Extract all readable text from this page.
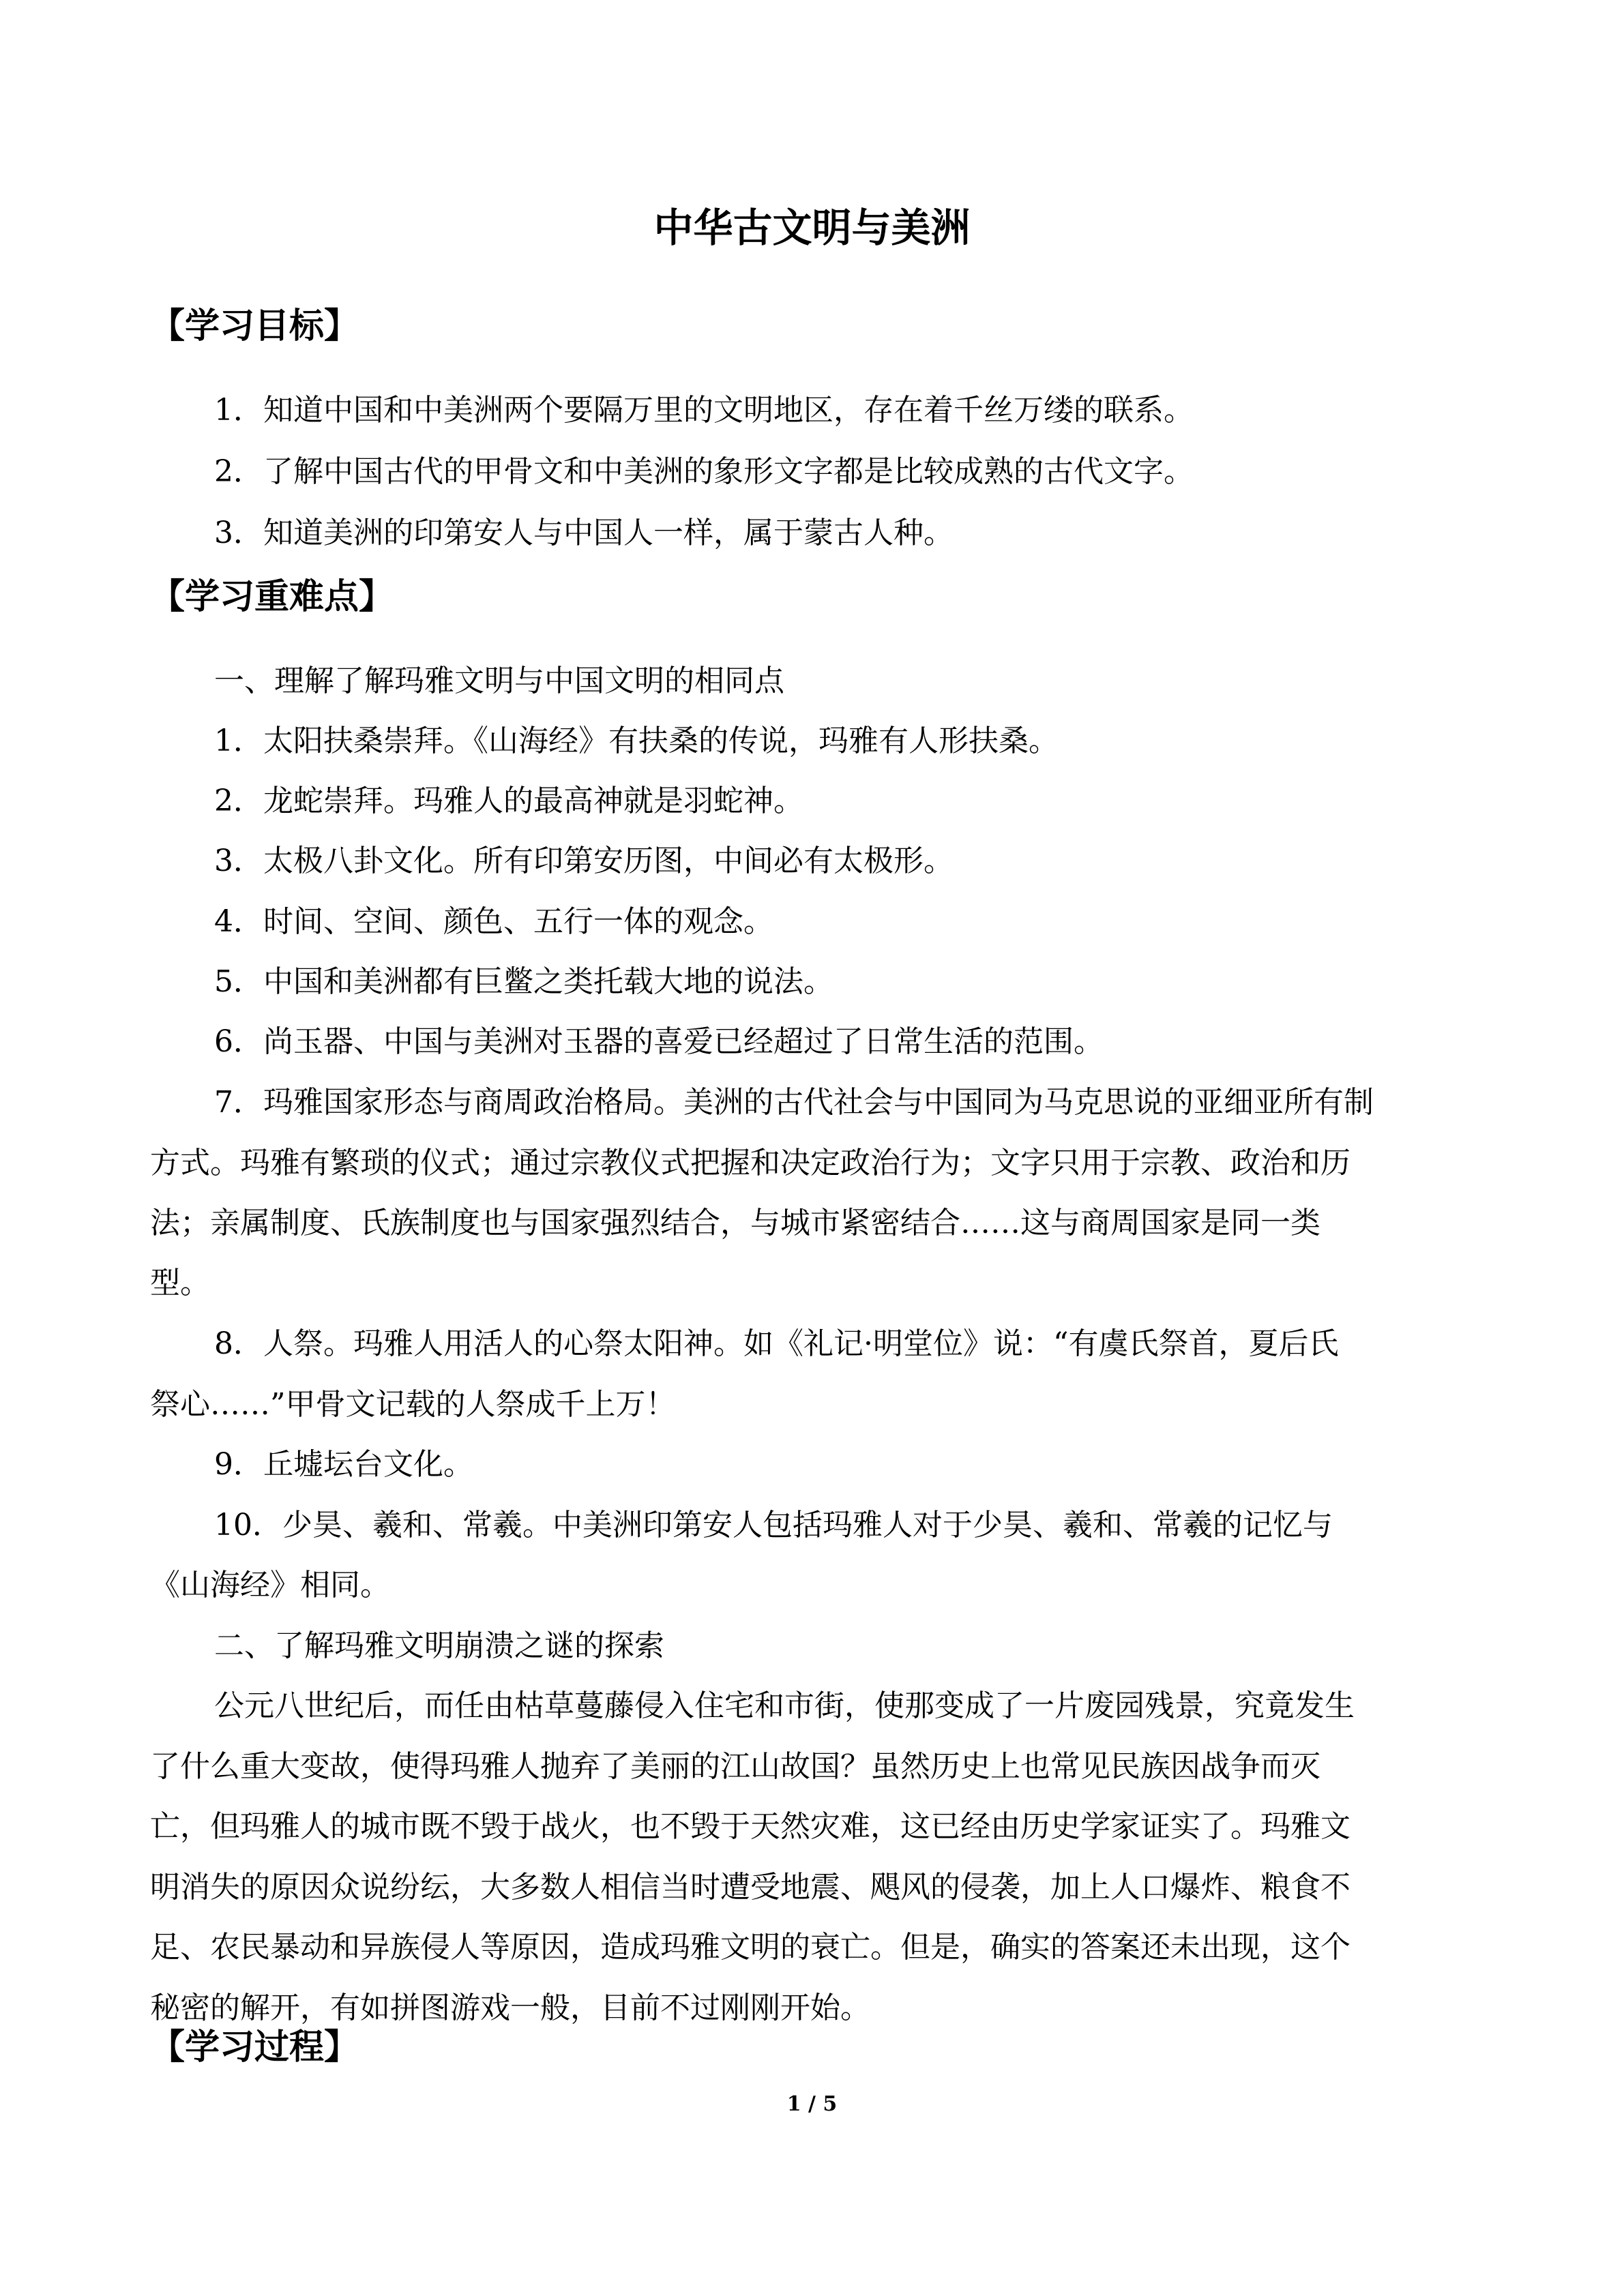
中华古文明与美洲
【学习目标】
1．知道中国和中美洲两个要隔万里的文明地区，存在着千丝万缕的联系。
2．了解中国古代的甲骨文和中美洲的象形文字都是比较成熟的古代文字。
3．知道美洲的印第安人与中国人一样，属于蒙古人种。
【学习重难点】
一、理解了解玛雅文明与中国文明的相同点
1．太阳扶桑崇拜。《山海经》有扶桑的传说，玛雅有人形扶桑。
2．龙蛇崇拜。玛雅人的最高神就是羽蛇神。
3．太极八卦文化。所有印第安历图，中间必有太极形。
4．时间、空间、颜色、五行一体的观念。
5．中国和美洲都有巨鳖之类托载大地的说法。
6．尚玉器、中国与美洲对玉器的喜爱已经超过了日常生活的范围。
7．玛雅国家形态与商周政治格局。美洲的古代社会与中国同为马克思说的亚细亚所有制
方式。玛雅有繁琐的仪式；通过宗教仪式把握和决定政治行为；文字只用于宗教、政治和历
法；亲属制度、氏族制度也与国家强烈结合，与城市紧密结合……这与商周国家是同一类
型。
8．人祭。玛雅人用活人的心祭太阳神。如《礼记·明堂位》说：“有虞氏祭首，夏后氏
祭心……”甲骨文记载的人祭成千上万！
9．丘墟坛台文化。
10．少昊、羲和、常羲。中美洲印第安人包括玛雅人对于少昊、羲和、常羲的记忆与
《山海经》相同。
二、了解玛雅文明崩溃之谜的探索
公元八世纪后，而任由枯草蔓藤侵入住宅和市街，使那变成了一片废园残景，究竟发生
了什么重大变故，使得玛雅人抛弃了美丽的江山故国？虽然历史上也常见民族因战争而灭
亡，但玛雅人的城市既不毁于战火，也不毁于天然灾难，这已经由历史学家证实了。玛雅文
明消失的原因众说纷纭，大多数人相信当时遭受地震、飓风的侵袭，加上人口爆炸、粮食不
足、农民暴动和异族侵人等原因，造成玛雅文明的衰亡。但是，确实的答案还未出现，这个
秘密的解开，有如拼图游戏一般，目前不过刚刚开始。
【学习过程】
1 / 5
